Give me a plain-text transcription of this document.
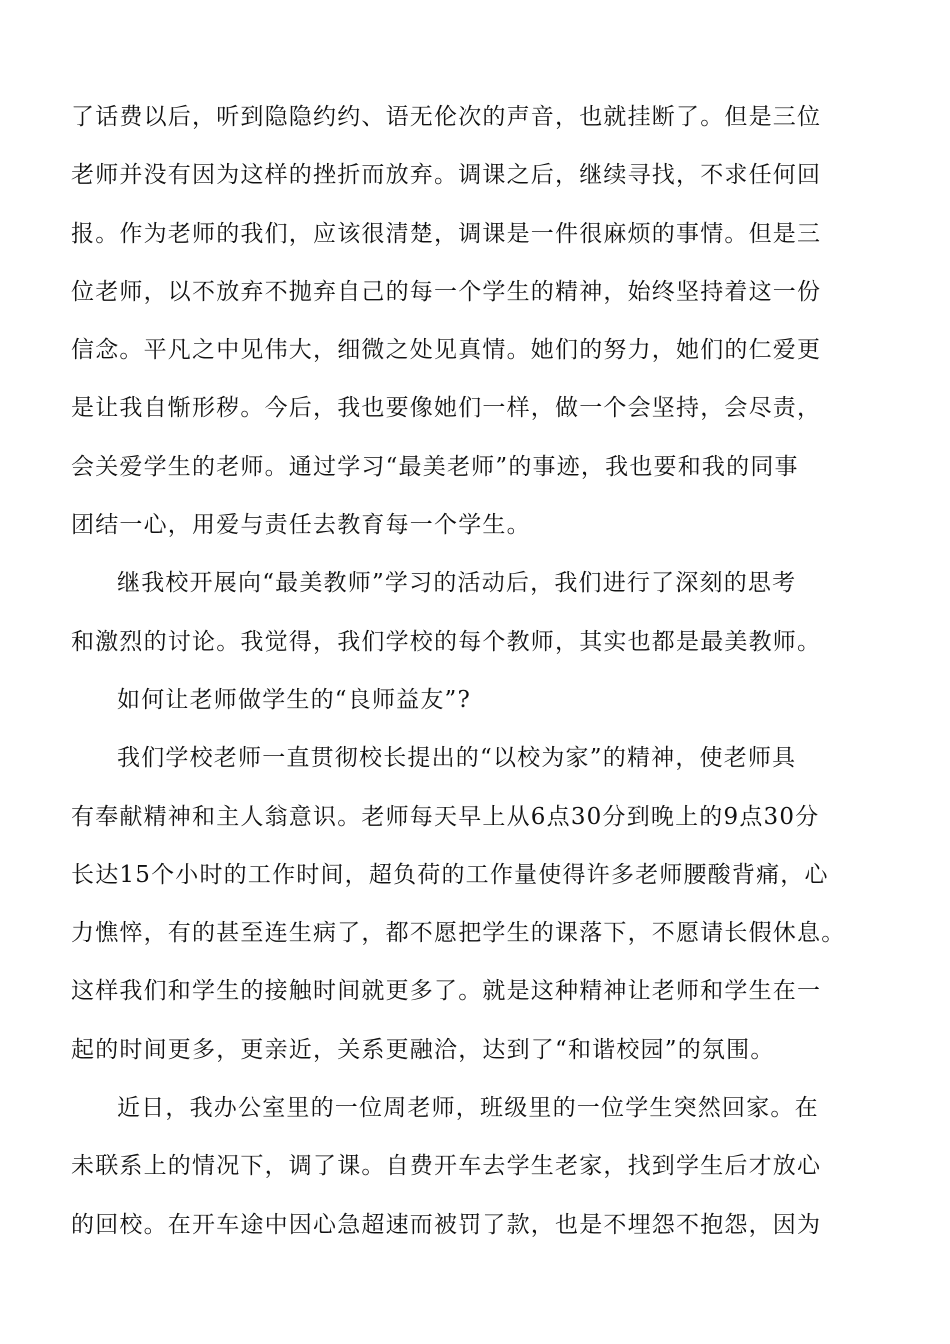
了话费以后，听到隐隐约约、语无伦次的声音，也就挂断了。但是三位
老师并没有因为这样的挫折而放弃。调课之后，继续寻找，不求任何回
报。作为老师的我们，应该很清楚，调课是一件很麻烦的事情。但是三
位老师，以不放弃不抛弃自己的每一个学生的精神，始终坚持着这一份
信念。平凡之中见伟大，细微之处见真情。她们的努力，她们的仁爱更
是让我自惭形秽。今后，我也要像她们一样，做一个会坚持，会尽责，
会关爱学生的老师。通过学习“最美老师”的事迹，我也要和我的同事
团结一心，用爱与责任去教育每一个学生。
继我校开展向“最美教师”学习的活动后，我们进行了深刻的思考
和激烈的讨论。我觉得，我们学校的每个教师，其实也都是最美教师。
如何让老师做学生的“良师益友”?
我们学校老师一直贯彻校长提出的“以校为家”的精神，使老师具
有奉献精神和主人翁意识。老师每天早上从6点30分到晚上的9点30分
长达15个小时的工作时间，超负荷的工作量使得许多老师腰酸背痛，心
力憔悴，有的甚至连生病了，都不愿把学生的课落下，不愿请长假休息。
这样我们和学生的接触时间就更多了。就是这种精神让老师和学生在一
起的时间更多，更亲近，关系更融洽，达到了“和谐校园”的氛围。
近日，我办公室里的一位周老师，班级里的一位学生突然回家。在
未联系上的情况下，调了课。自费开车去学生老家，找到学生后才放心
的回校。在开车途中因心急超速而被罚了款，也是不埋怨不抱怨，因为
